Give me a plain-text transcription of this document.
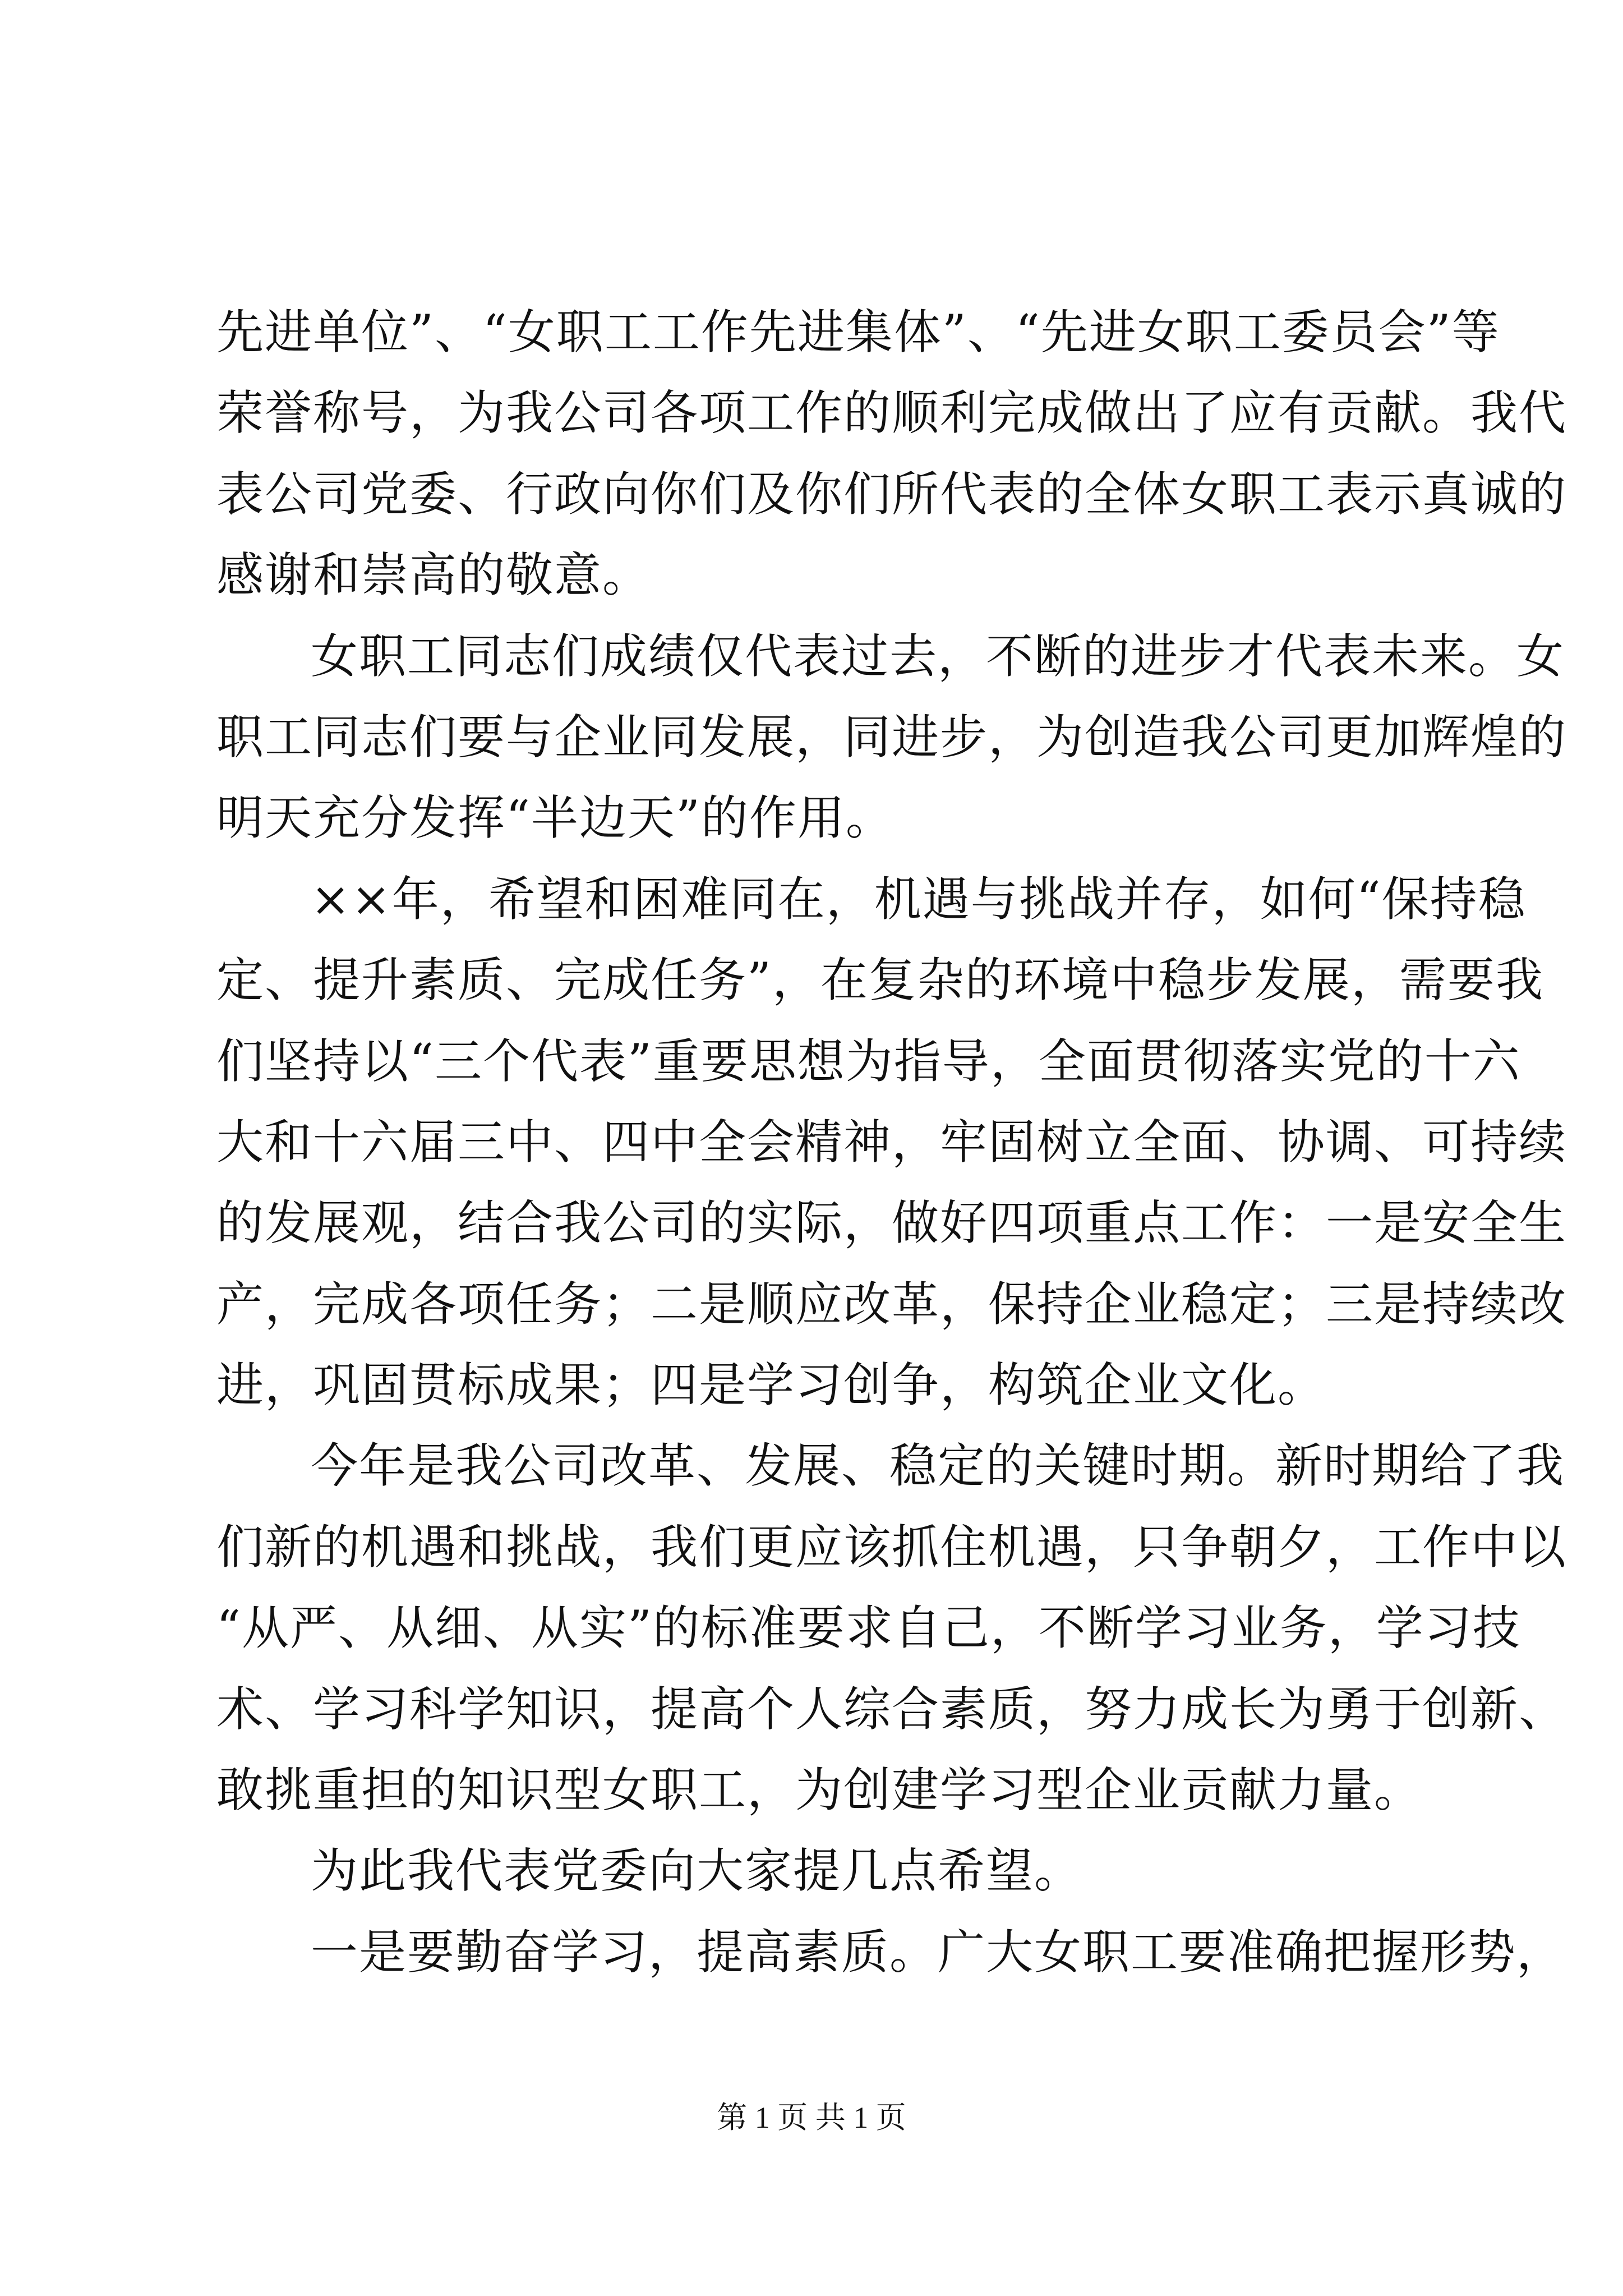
先进单位”、“女职工工作先进集体”、“先进女职工委员会”等
荣誉称号，为我公司各项工作的顺利完成做出了应有贡献。我代
表公司党委、行政向你们及你们所代表的全体女职工表示真诚的
感谢和崇高的敬意。
女职工同志们成绩仅代表过去，不断的进步才代表未来。女
职工同志们要与企业同发展，同进步，为创造我公司更加辉煌的
明天充分发挥“半边天”的作用。
××年，希望和困难同在，机遇与挑战并存，如何“保持稳
定、提升素质、完成任务”，在复杂的环境中稳步发展，需要我
们坚持以“三个代表”重要思想为指导，全面贯彻落实党的十六
大和十六届三中、四中全会精神，牢固树立全面、协调、可持续
的发展观，结合我公司的实际，做好四项重点工作：一是安全生
产，完成各项任务；二是顺应改革，保持企业稳定；三是持续改
进，巩固贯标成果；四是学习创争，构筑企业文化。
今年是我公司改革、发展、稳定的关键时期。新时期给了我
们新的机遇和挑战，我们更应该抓住机遇，只争朝夕，工作中以
“从严、从细、从实”的标准要求自己，不断学习业务，学习技
术、学习科学知识，提高个人综合素质，努力成长为勇于创新、
敢挑重担的知识型女职工，为创建学习型企业贡献力量。
为此我代表党委向大家提几点希望。
一是要勤奋学习，提高素质。广大女职工要准确把握形势，
第 1 页 共 1 页
